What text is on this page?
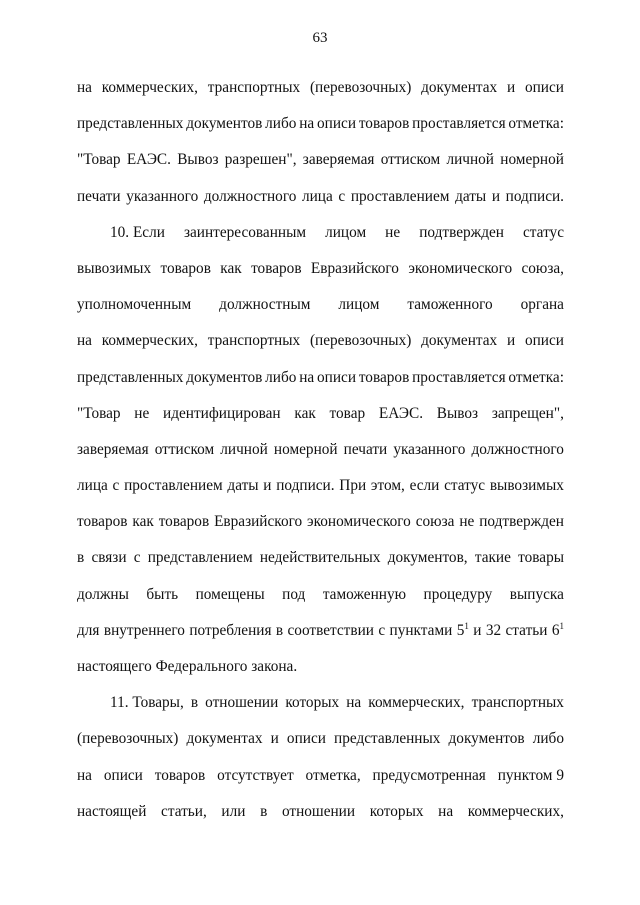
63
на коммерческих, транспортных (перевозочных) документах и описи
представленных документов либо на описи товаров проставляется отметка:
"Товар ЕАЭС. Вывоз разрешен", заверяемая оттиском личной номерной
печати указанного должностного лица с проставлением даты и подписи.
10. Если заинтересованным лицом не подтвержден статус
вывозимых товаров как товаров Евразийского экономического союза,
уполномоченным должностным лицом таможенного органа
на коммерческих, транспортных (перевозочных) документах и описи
представленных документов либо на описи товаров проставляется отметка:
"Товар не идентифицирован как товар ЕАЭС. Вывоз запрещен",
заверяемая оттиском личной номерной печати указанного должностного
лица с проставлением даты и подписи. При этом, если статус вывозимых
товаров как товаров Евразийского экономического союза не подтвержден
в связи с представлением недействительных документов, такие товары
должны быть помещены под таможенную процедуру выпуска
для внутреннего потребления в соответствии с пунктами $5^1$ и 32 статьи $6^1$
настоящего Федерального закона.
11. Товары, в отношении которых на коммерческих, транспортных
(перевозочных) документах и описи представленных документов либо
на описи товаров отсутствует отметка, предусмотренная пунктом 9
настоящей статьи, или в отношении которых на коммерческих,
